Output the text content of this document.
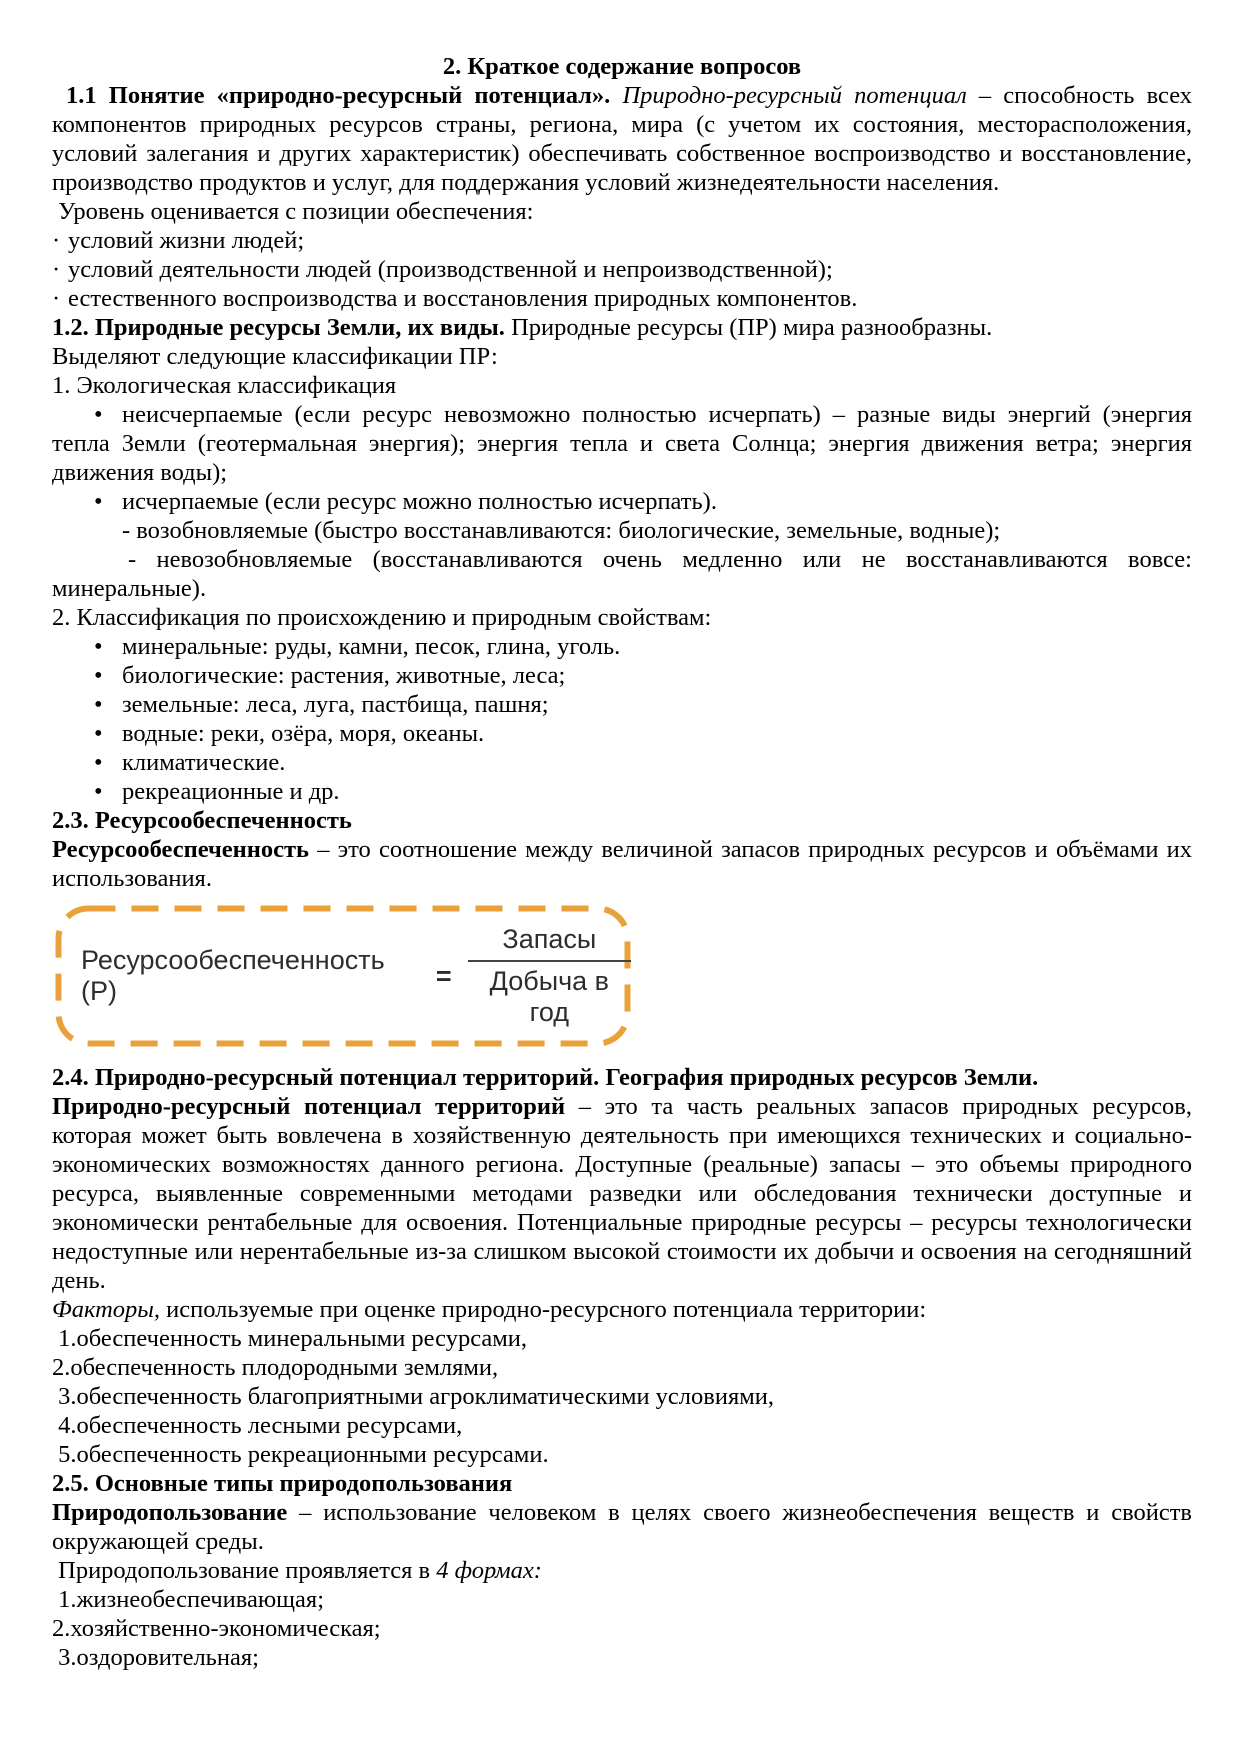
2. Краткое содержание вопросов

1.1 Понятие «природно-ресурсный потенциал». Природно-ресурсный потенциал – способность всех компонентов природных ресурсов страны, региона, мира (с учетом их состояния, месторасположения, условий залегания и других характеристик) обеспечивать собственное воспроизводство и восстановление, производство продуктов и услуг, для поддержания условий жизнедеятельности населения.

Уровень оценивается с позиции обеспечения:

· условий жизни людей;

· условий деятельности людей (производственной и непроизводственной);

· естественного воспроизводства и восстановления природных компонентов.

1.2. Природные ресурсы Земли, их виды. Природные ресурсы (ПР) мира разнообразны.

Выделяют следующие классификации ПР:

1. Экологическая классификация

• неисчерпаемые (если ресурс невозможно полностью исчерпать) – разные виды энергий (энергия тепла Земли (геотермальная энергия); энергия тепла и света Солнца; энергия движения ветра; энергия движения воды);

• исчерпаемые (если ресурс можно полностью исчерпать).

- возобновляемые (быстро восстанавливаются: биологические, земельные, водные);

- невозобновляемые (восстанавливаются очень медленно или не восстанавливаются вовсе: минеральные).

2. Классификация по происхождению и природным свойствам:

• минеральные: руды, камни, песок, глина, уголь.

• биологические: растения, животные, леса;

• земельные: леса, луга, пастбища, пашня;

• водные: реки, озёра, моря, океаны.

• климатические.

• рекреационные и др.

2.3. Ресурсообеспеченность

Ресурсообеспеченность – это соотношение между величиной запасов природных ресурсов и объёмами их использования.

Ресурсообеспеченность (Р)
= $\frac{\text{Запасы}}{\text{Добыча в год}}$

2.4. Природно-ресурсный потенциал территорий. География природных ресурсов Земли.

Природно-ресурсный потенциал территорий – это та часть реальных запасов природных ресурсов, которая может быть вовлечена в хозяйственную деятельность при имеющихся технических и социально-экономических возможностях данного региона. Доступные (реальные) запасы – это объемы природного ресурса, выявленные современными методами разведки или обследования технически доступные и экономически рентабельные для освоения. Потенциальные природные ресурсы – ресурсы технологически недоступные или нерентабельные из-за слишком высокой стоимости их добычи и освоения на сегодняшний день.

Факторы, используемые при оценке природно-ресурсного потенциала территории:

1.обеспеченность минеральными ресурсами,

2.обеспеченность плодородными землями,

3.обеспеченность благоприятными агроклиматическими условиями,

4.обеспеченность лесными ресурсами,

5.обеспеченность рекреационными ресурсами.

2.5. Основные типы природопользования

Природопользование – использование человеком в целях своего жизнеобеспечения веществ и свойств окружающей среды.

Природопользование проявляется в 4 формах:

1.жизнеобеспечивающая;

2.хозяйственно-экономическая;

3.оздоровительная;
